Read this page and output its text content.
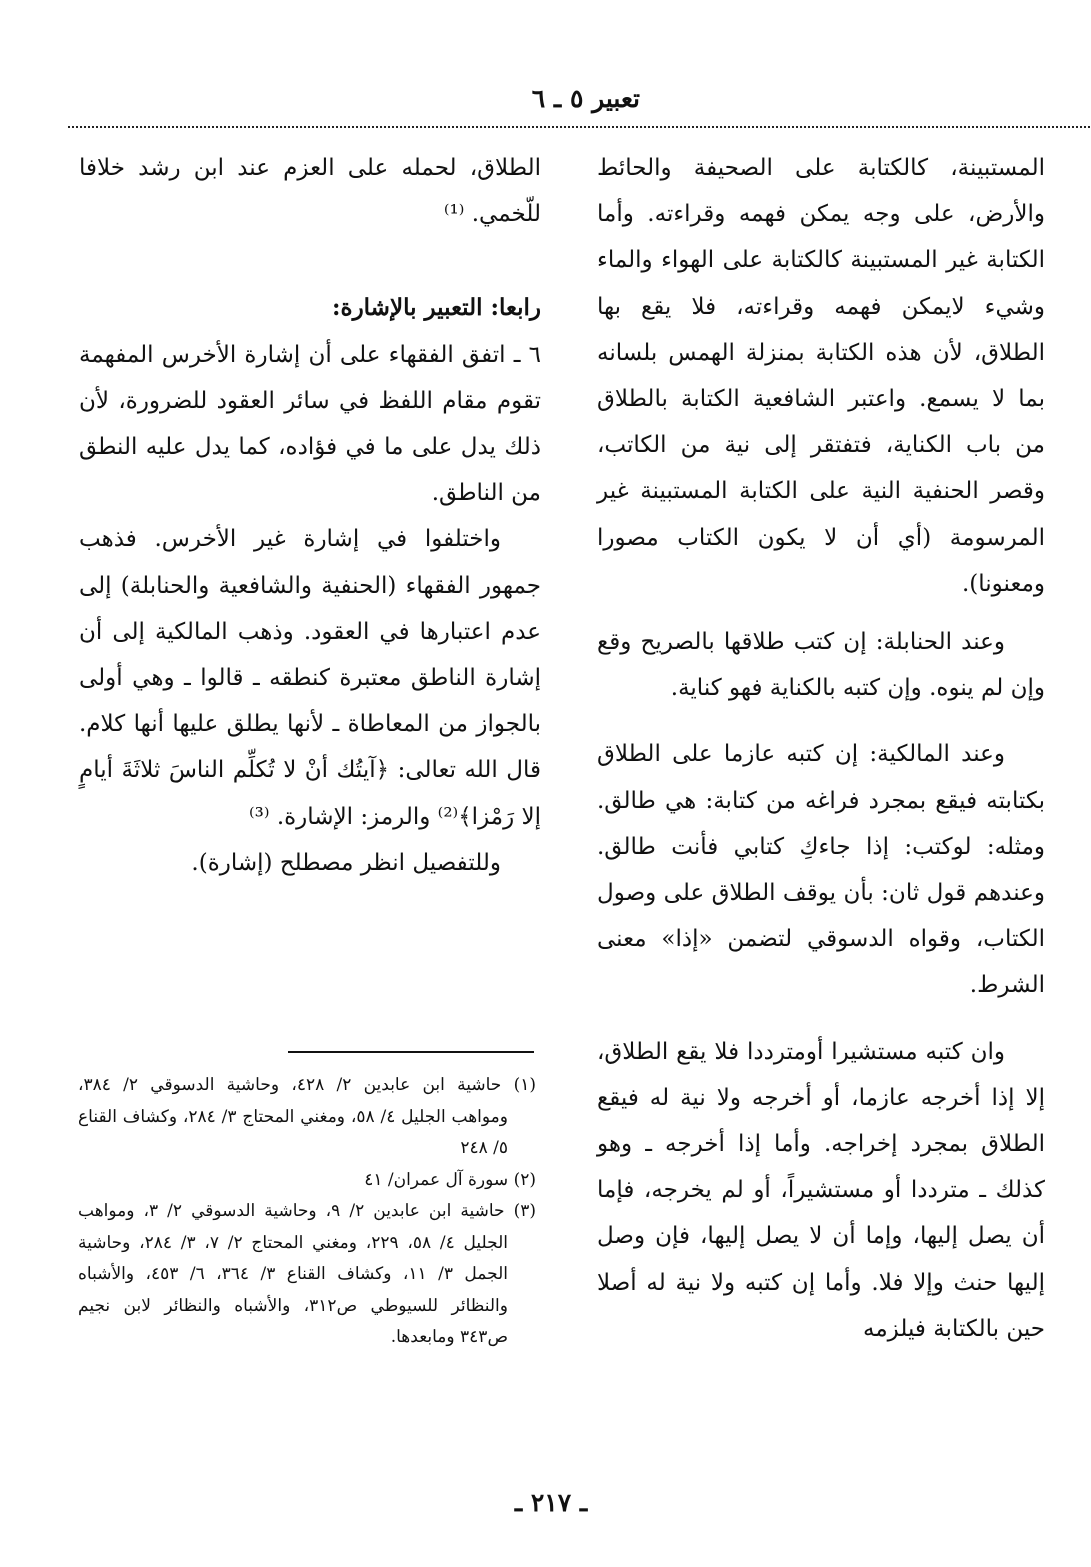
تعبير ٥ ـ ٦

المستبينة، كالكتابة على الصحيفة والحائط والأرض، على وجه يمكن فهمه وقراءته. وأما الكتابة غير المستبينة كالكتابة على الهواء والماء وشيء لايمكن فهمه وقراءته، فلا يقع بها الطلاق، لأن هذه الكتابة بمنزلة الهمس بلسانه بما لا يسمع. واعتبر الشافعية الكتابة بالطلاق من باب الكناية، فتفتقر إلى نية من الكاتب، وقصر الحنفية النية على الكتابة المستبينة غير المرسومة (أي أن لا يكون الكتاب مصورا ومعنونا).

وعند الحنابلة: إن كتب طلاقها بالصريح وقع وإن لم ينوه. وإن كتبه بالكناية فهو كناية.

وعند المالكية: إن كتبه عازما على الطلاق بكتابته فيقع بمجرد فراغه من كتابة: هي طالق. ومثله: لوكتب: إذا جاءكِ كتابي فأنت طالق. وعندهم قول ثان: بأن يوقف الطلاق على وصول الكتاب، وقواه الدسوقي لتضمن «إذا» معنى الشرط.

وان كتبه مستشيرا أومترددا فلا يقع الطلاق، إلا إذا أخرجه عازما، أو أخرجه ولا نية له فيقع الطلاق بمجرد إخراجه. وأما إذا أخرجه ـ وهو كذلك ـ مترددا أو مستشيراً، أو لم يخرجه، فإما أن يصل إليها، وإما أن لا يصل إليها، فإن وصل إليها حنث وإلا فلا. وأما إن كتبه ولا نية له أصلا حين بالكتابة فيلزمه

الطلاق، لحمله على العزم عند ابن رشد خلافا للّخمي. ⁽¹⁾

رابعا: التعبير بالإشارة:

٦ ـ اتفق الفقهاء على أن إشارة الأخرس المفهمة تقوم مقام اللفظ في سائر العقود للضرورة، لأن ذلك يدل على ما في فؤاده، كما يدل عليه النطق من الناطق.

واختلفوا في إشارة غير الأخرس. فذهب جمهور الفقهاء (الحنفية والشافعية والحنابلة) إلى عدم اعتبارها في العقود. وذهب المالكية إلى أن إشارة الناطق معتبرة كنطقه ـ قالوا ـ وهي أولى بالجواز من المعاطاة ـ لأنها يطلق عليها أنها كلام. قال الله تعالى: ﴿آيتُك أنْ لا تُكلِّم الناسَ ثلاثَةَ أيامٍ إلا رَمْزا﴾⁽²⁾ والرمز: الإشارة. ⁽³⁾

وللتفصيل انظر مصطلح (إشارة).

(١) حاشية ابن عابدين ٢/ ٤٢٨، وحاشية الدسوقي ٢/ ٣٨٤، ومواهب الجليل ٤/ ٥٨، ومغني المحتاج ٣/ ٢٨٤، وكشاف القناع ٥/ ٢٤٨

(٢) سورة آل عمران/ ٤١

(٣) حاشية ابن عابدين ٢/ ٩، وحاشية الدسوقي ٢/ ٣، ومواهب الجليل ٤/ ٥٨، ٢٢٩، ومغني المحتاج ٢/ ٧، ٣/ ٢٨٤، وحاشية الجمل ٣/ ١١، وكشاف القناع ٣/ ٣٦٤، ٦/ ٤٥٣، والأشباه والنظائر للسيوطي ص٣١٢، والأشباه والنظائر لابن نجيم ص٣٤٣ ومابعدها.

ـ ٢١٧ ـ
